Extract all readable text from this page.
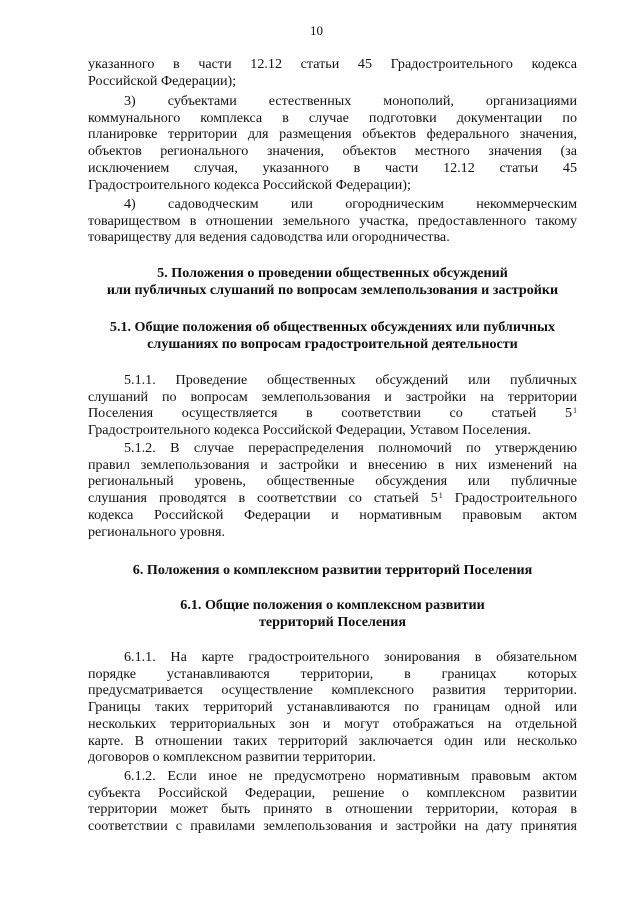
10
указанного в части 12.12 статьи 45 Градостроительного кодекса
Российской Федерации);
3) субъектами естественных монополий, организациями
коммунального комплекса в случае подготовки документации по
планировке территории для размещения объектов федерального значения,
объектов регионального значения, объектов местного значения (за
исключением случая, указанного в части 12.12 статьи 45
Градостроительного кодекса Российской Федерации);
4) садоводческим или огородническим некоммерческим
товариществом в отношении земельного участка, предоставленного такому
товариществу для ведения садоводства или огородничества.
5. Положения о проведении общественных обсуждений
или публичных слушаний по вопросам землепользования и застройки
5.1. Общие положения об общественных обсуждениях или публичных
слушаниях по вопросам градостроительной деятельности
5.1.1. Проведение общественных обсуждений или публичных
слушаний по вопросам землепользования и застройки на территории
Поселения осуществляется в соответствии со статьей $5^1$
Градостроительного кодекса Российской Федерации, Уставом Поселения.
5.1.2. В случае перераспределения полномочий по утверждению
правил землепользования и застройки и внесению в них изменений на
региональный уровень, общественные обсуждения или публичные
слушания проводятся в соответствии со статьей $5^1$ Градостроительного
кодекса Российской Федерации и нормативным правовым актом
регионального уровня.
6. Положения о комплексном развитии территорий Поселения
6.1. Общие положения о комплексном развитии
территорий Поселения
6.1.1. На карте градостроительного зонирования в обязательном
порядке устанавливаются территории, в границах которых
предусматривается осуществление комплексного развития территории.
Границы таких территорий устанавливаются по границам одной или
нескольких территориальных зон и могут отображаться на отдельной
карте. В отношении таких территорий заключается один или несколько
договоров о комплексном развитии территории.
6.1.2. Если иное не предусмотрено нормативным правовым актом
субъекта Российской Федерации, решение о комплексном развитии
территории может быть принято в отношении территории, которая в
соответствии с правилами землепользования и застройки на дату принятия
